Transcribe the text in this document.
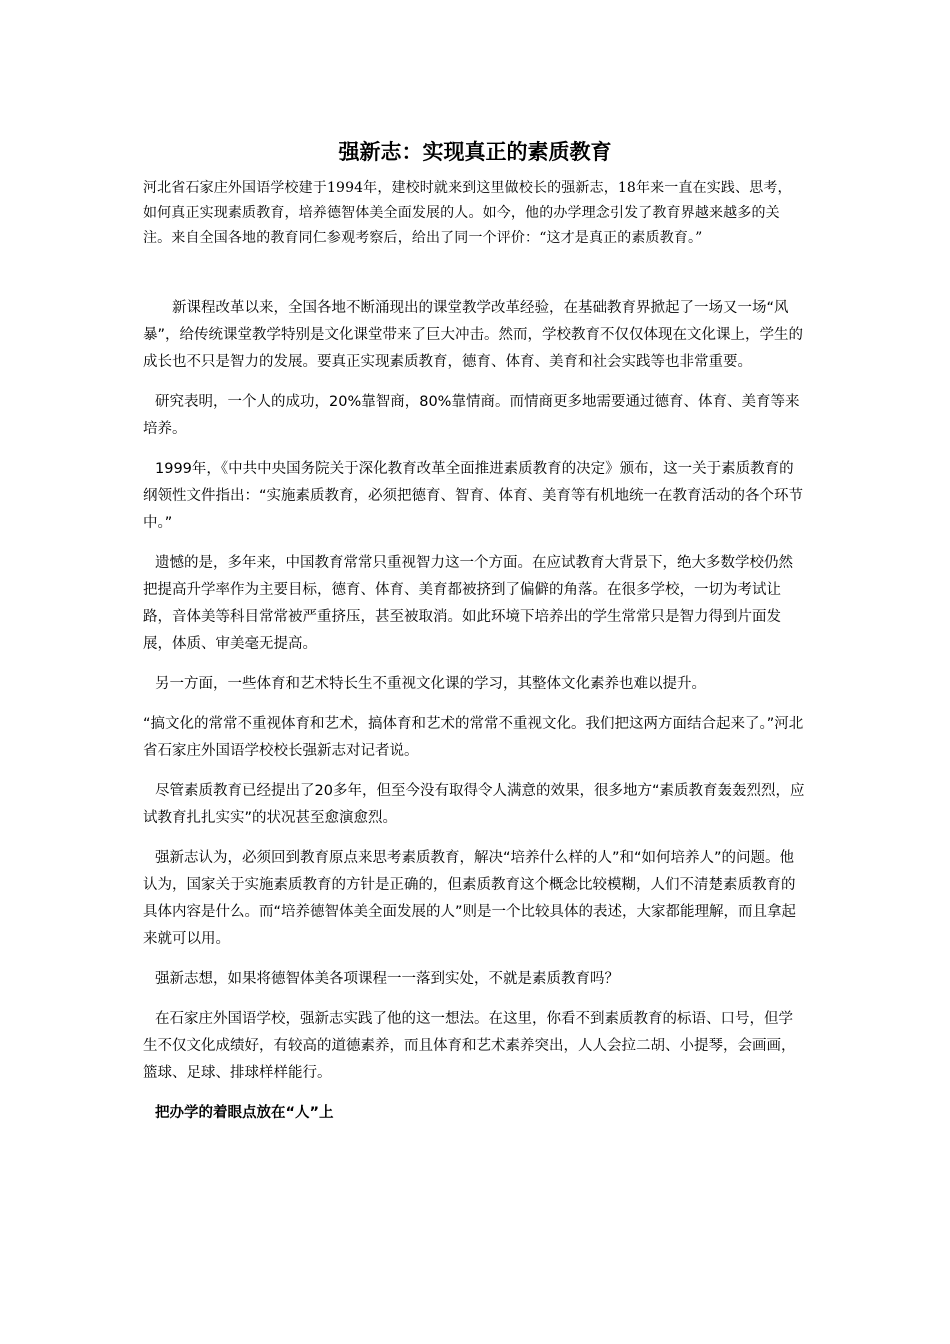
强新志：实现真正的素质教育

河北省石家庄外国语学校建于1994年，建校时就来到这里做校长的强新志，18年来一直在实践、思考，如何真正实现素质教育，培养德智体美全面发展的人。如今，他的办学理念引发了教育界越来越多的关注。来自全国各地的教育同仁参观考察后，给出了同一个评价：“这才是真正的素质教育。”

新课程改革以来，全国各地不断涌现出的课堂教学改革经验，在基础教育界掀起了一场又一场“风暴”，给传统课堂教学特别是文化课堂带来了巨大冲击。然而，学校教育不仅仅体现在文化课上，学生的成长也不只是智力的发展。要真正实现素质教育，德育、体育、美育和社会实践等也非常重要。

研究表明，一个人的成功，20%靠智商，80%靠情商。而情商更多地需要通过德育、体育、美育等来培养。

1999年，《中共中央国务院关于深化教育改革全面推进素质教育的决定》颁布，这一关于素质教育的纲领性文件指出：“实施素质教育，必须把德育、智育、体育、美育等有机地统一在教育活动的各个环节中。”

遗憾的是，多年来，中国教育常常只重视智力这一个方面。在应试教育大背景下，绝大多数学校仍然把提高升学率作为主要目标，德育、体育、美育都被挤到了偏僻的角落。在很多学校，一切为考试让路，音体美等科目常常被严重挤压，甚至被取消。如此环境下培养出的学生常常只是智力得到片面发展，体质、审美毫无提高。

另一方面，一些体育和艺术特长生不重视文化课的学习，其整体文化素养也难以提升。

“搞文化的常常不重视体育和艺术，搞体育和艺术的常常不重视文化。我们把这两方面结合起来了。”河北省石家庄外国语学校校长强新志对记者说。

尽管素质教育已经提出了20多年，但至今没有取得令人满意的效果，很多地方“素质教育轰轰烈烈，应试教育扎扎实实”的状况甚至愈演愈烈。

强新志认为，必须回到教育原点来思考素质教育，解决“培养什么样的人”和“如何培养人”的问题。他认为，国家关于实施素质教育的方针是正确的，但素质教育这个概念比较模糊，人们不清楚素质教育的具体内容是什么。而“培养德智体美全面发展的人”则是一个比较具体的表述，大家都能理解，而且拿起来就可以用。

强新志想，如果将德智体美各项课程一一落到实处，不就是素质教育吗？

在石家庄外国语学校，强新志实践了他的这一想法。在这里，你看不到素质教育的标语、口号，但学生不仅文化成绩好，有较高的道德素养，而且体育和艺术素养突出，人人会拉二胡、小提琴，会画画，篮球、足球、排球样样能行。

把办学的着眼点放在“人”上
